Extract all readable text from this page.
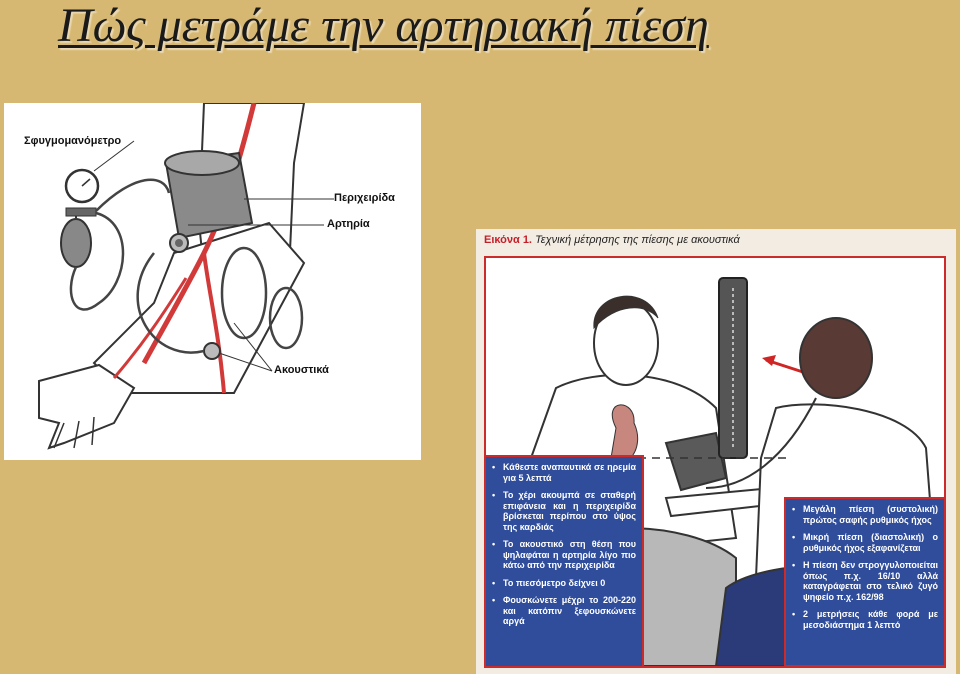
Πώς μετράμε την αρτηριακή πίεση
Σφυγμομανόμετρο
Περιχειρίδα
Αρτηρία
Ακουστικά
Εικόνα 1. Τεχνική μέτρησης της πίεσης με ακουστικά
• Κάθεστε αναπαυτικά σε ηρεμία για 5 λεπτά
• Το χέρι ακουμπά σε σταθερή επιφάνεια και η περιχειρίδα βρίσκεται περίπου στο ύψος της καρδιάς
• Το ακουστικό στη θέση που ψηλαφάται η αρτηρία λίγο πιο κάτω από την περιχειρίδα
• Το πιεσόμετρο δείχνει 0
• Φουσκώνετε μέχρι το 200-220 και κατόπιν ξεφουσκώνετε αργά
• Μεγάλη πίεση (συστολική) πρώτος σαφής ρυθμικός ήχος
• Μικρή πίεση (διαστολική) ο ρυθμικός ήχος εξαφανίζεται
• Η πίεση δεν στρογγυλοποιείται όπως π.χ. 16/10 αλλά καταγράφεται στο τελικό ζυγό ψηφείο π.χ. 162/98
• 2 μετρήσεις κάθε φορά με μεσοδιάστημα 1 λεπτό
